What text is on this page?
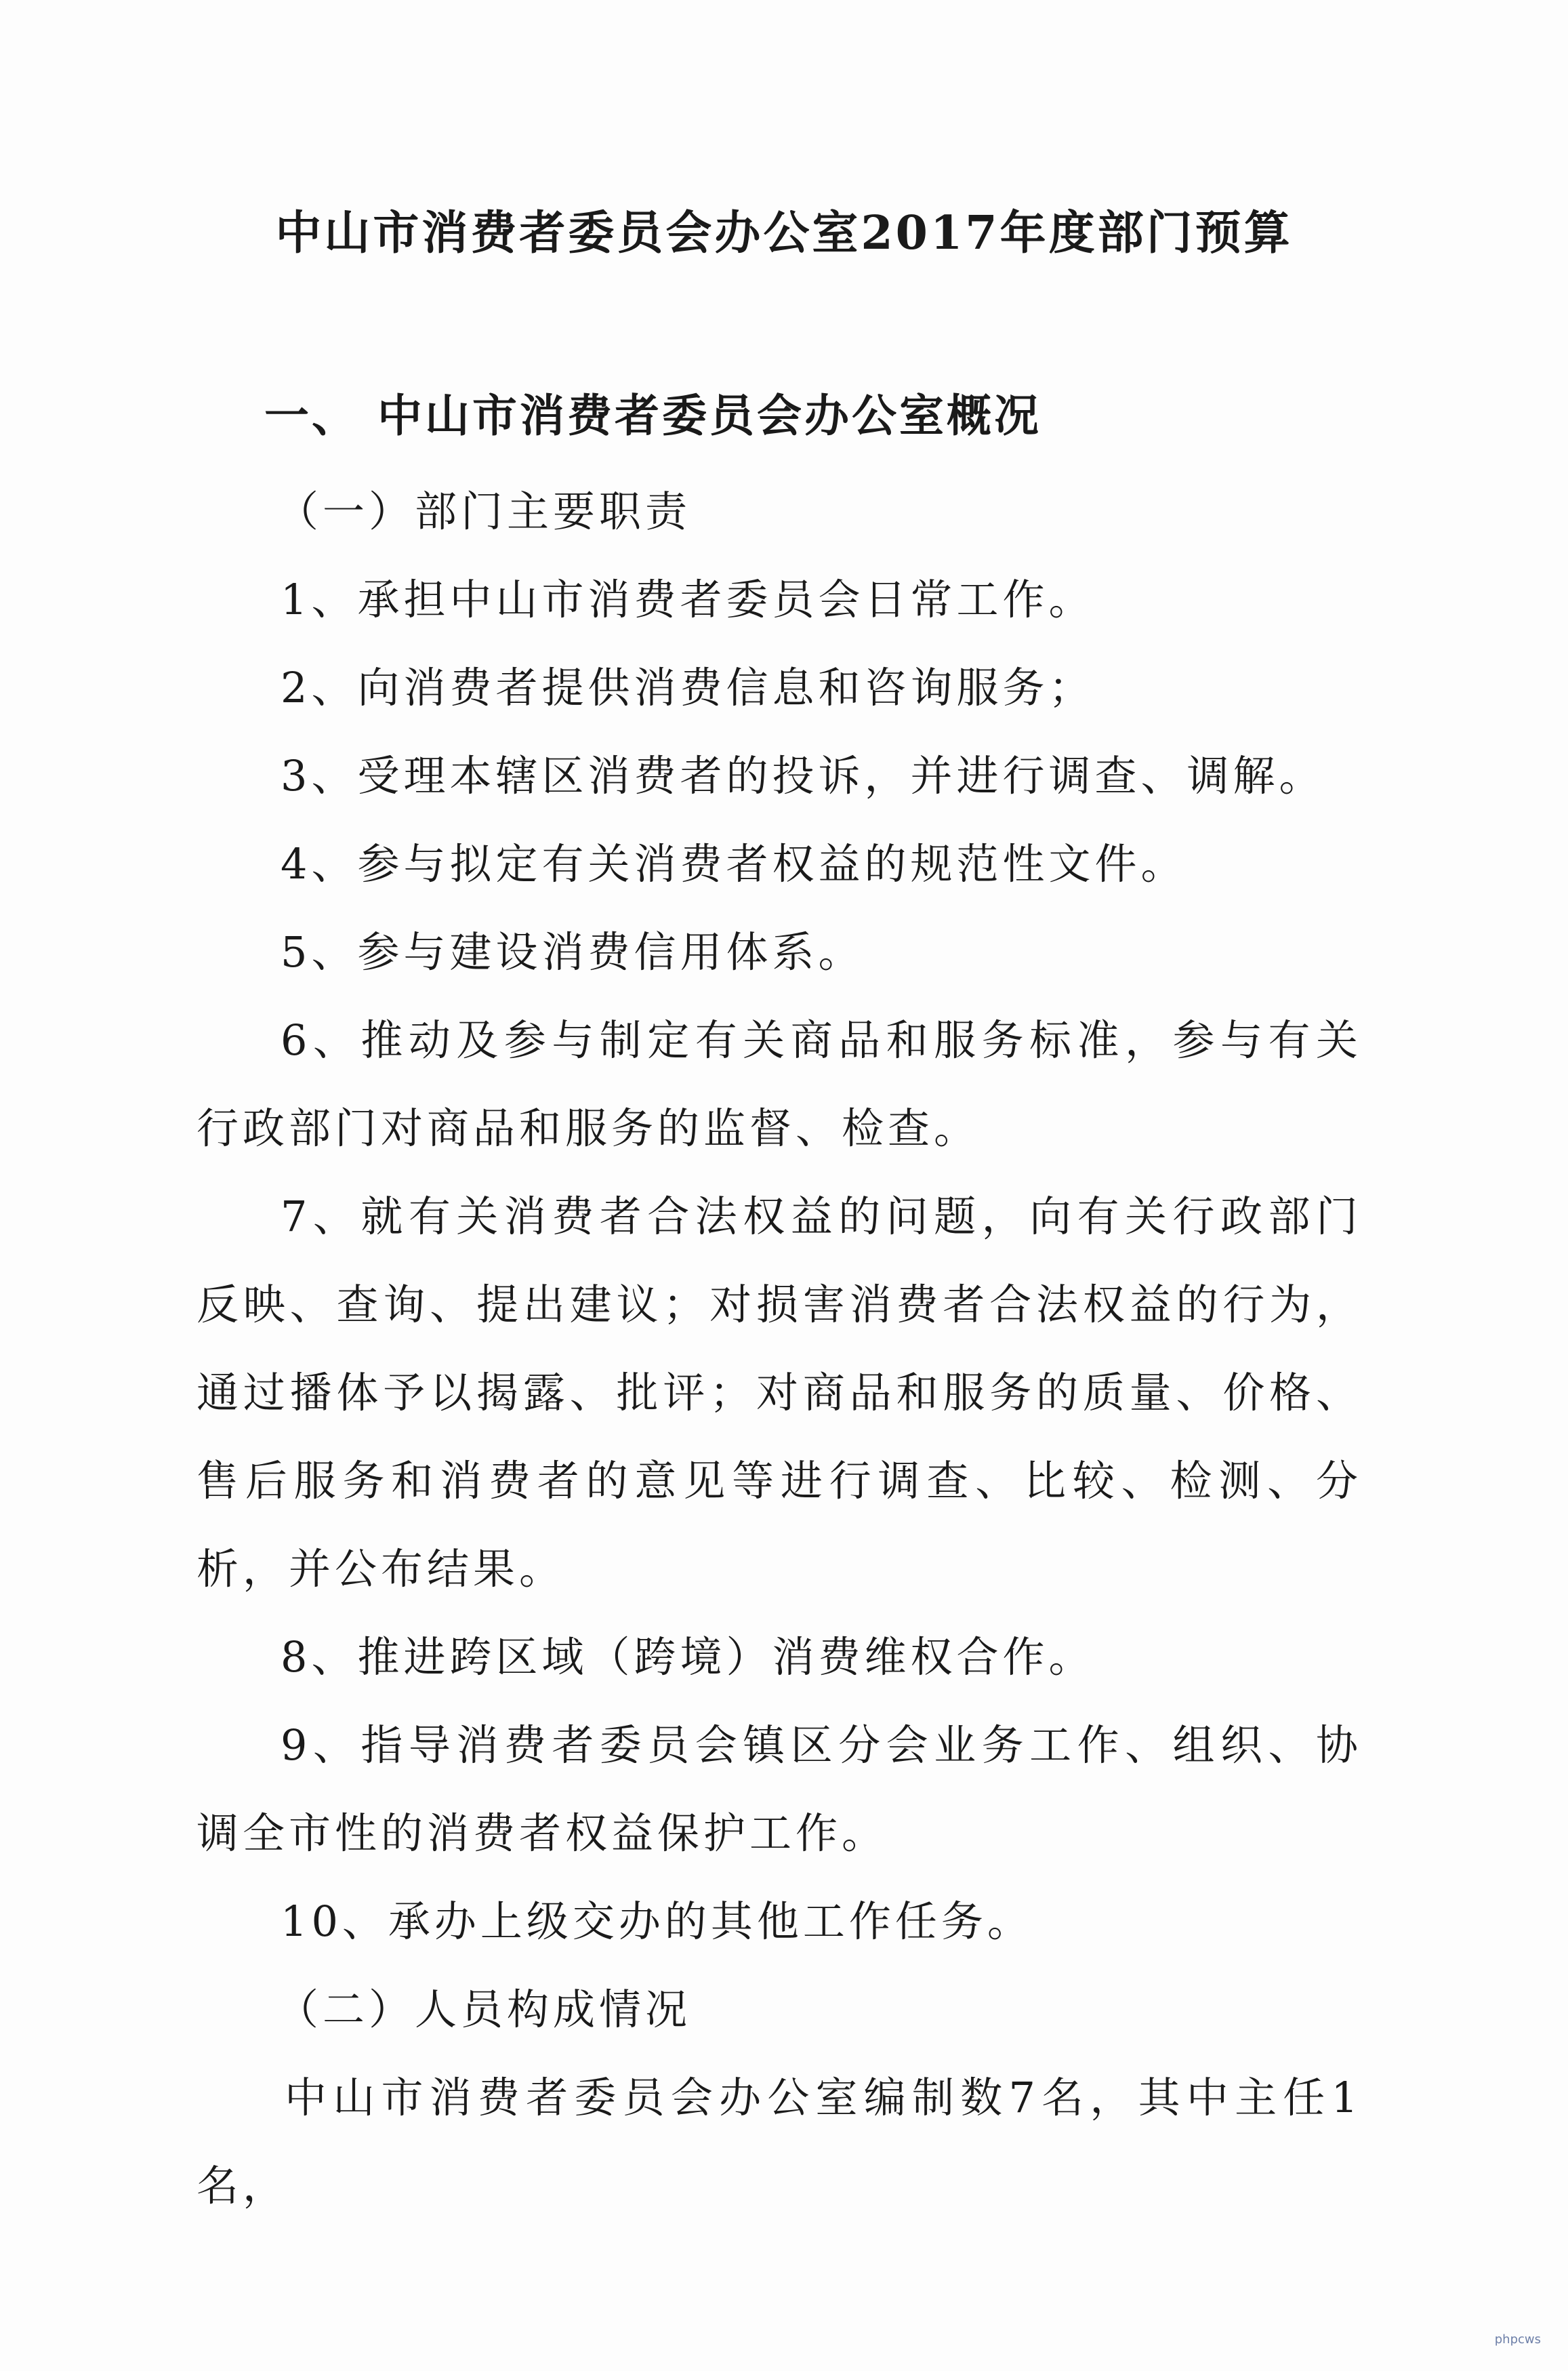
中山市消费者委员会办公室2017年度部门预算
一、 中山市消费者委员会办公室概况

（一）部门主要职责

1、承担中山市消费者委员会日常工作。

2、向消费者提供消费信息和咨询服务；

3、受理本辖区消费者的投诉，并进行调查、调解。

4、参与拟定有关消费者权益的规范性文件。

5、参与建设消费信用体系。

6、推动及参与制定有关商品和服务标准，参与有关行政部门对商品和服务的监督、检查。

7、就有关消费者合法权益的问题，向有关行政部门反映、查询、提出建议；对损害消费者合法权益的行为，通过播体予以揭露、批评；对商品和服务的质量、价格、售后服务和消费者的意见等进行调查、比较、检测、分析，并公布结果。

8、推进跨区域（跨境）消费维权合作。

9、指导消费者委员会镇区分会业务工作、组织、协调全市性的消费者权益保护工作。

10、承办上级交办的其他工作任务。

（二）人员构成情况

中山市消费者委员会办公室编制数7名，其中主任1名，

phpcws
